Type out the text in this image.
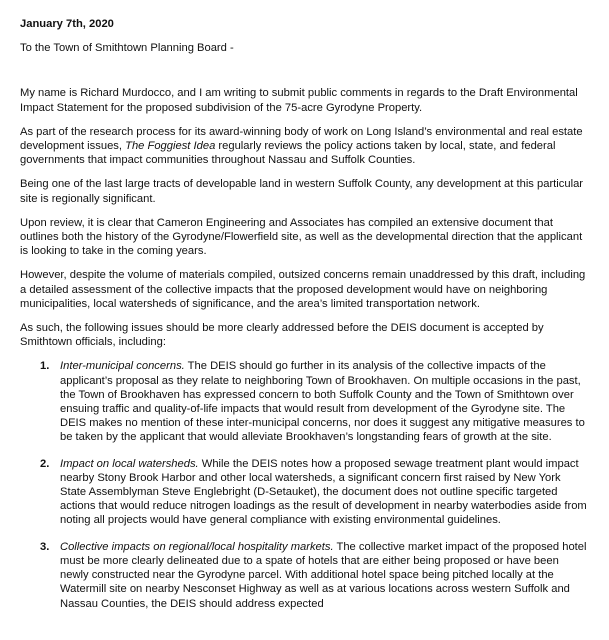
January 7th, 2020

To the Town of Smithtown Planning Board -

My name is Richard Murdocco, and I am writing to submit public comments in regards to the Draft Environmental Impact Statement for the proposed subdivision of the 75-acre Gyrodyne Property.

As part of the research process for its award-winning body of work on Long Island’s environmental and real estate development issues, The Foggiest Idea regularly reviews the policy actions taken by local, state, and federal governments that impact communities throughout Nassau and Suffolk Counties.

Being one of the last large tracts of developable land in western Suffolk County, any development at this particular site is regionally significant.

Upon review, it is clear that Cameron Engineering and Associates has compiled an extensive document that outlines both the history of the Gyrodyne/Flowerfield site, as well as the developmental direction that the applicant is looking to take in the coming years.

However, despite the volume of materials compiled, outsized concerns remain unaddressed by this draft, including a detailed assessment of the collective impacts that the proposed development would have on neighboring municipalities, local watersheds of significance, and the area’s limited transportation network.

As such, the following issues should be more clearly addressed before the DEIS document is accepted by Smithtown officials, including:

1. Inter-municipal concerns. The DEIS should go further in its analysis of the collective impacts of the applicant’s proposal as they relate to neighboring Town of Brookhaven. On multiple occasions in the past, the Town of Brookhaven has expressed concern to both Suffolk County and the Town of Smithtown over ensuing traffic and quality-of-life impacts that would result from development of the Gyrodyne site. The DEIS makes no mention of these inter-municipal concerns, nor does it suggest any mitigative measures to be taken by the applicant that would alleviate Brookhaven’s longstanding fears of growth at the site.
2. Impact on local watersheds. While the DEIS notes how a proposed sewage treatment plant would impact nearby Stony Brook Harbor and other local watersheds, a significant concern first raised by New York State Assemblyman Steve Englebright (D-Setauket), the document does not outline specific targeted actions that would reduce nitrogen loadings as the result of development in nearby waterbodies aside from noting all projects would have general compliance with existing environmental guidelines.
3. Collective impacts on regional/local hospitality markets. The collective market impact of the proposed hotel must be more clearly delineated due to a spate of hotels that are either being proposed or have been newly constructed near the Gyrodyne parcel. With additional hotel space being pitched locally at the Watermill site on nearby Nesconset Highway as well as at various locations across western Suffolk and Nassau Counties, the DEIS should address expected
